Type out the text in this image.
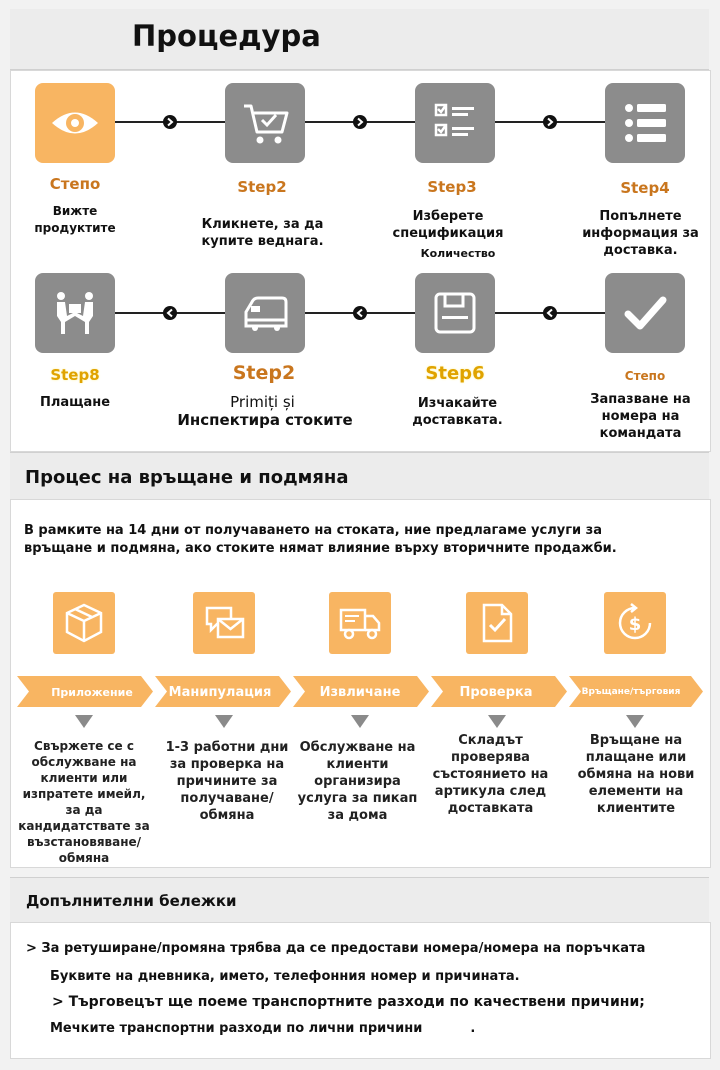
Процедура
Степо
Вижте продуктите
Step2
Кликнете, за да купите веднага.
Step3
Изберете спецификация
Количество
Step4
Попълнете информация за доставка.
Степо
Запазване на номера на командата
Step6
Изчакайте доставката.
Step2
Primiți și
Инспектира стоките
Step8
Плащане
Процес на връщане и подмяна
В рамките на 14 дни от получаването на стоката, ние предлагаме услуги за
връщане и подмяна, ако стоките нямат влияние върху вторичните продажби.
$
Приложение	Манипулация	Извличане	Проверка	Връщане/търговия
Свържете се с обслужване на клиенти или изпратете имейл, за да кандидатствате за възстановяване/ обмяна
1-3 работни дни за проверка на причините за получаване/ обмяна
Обслужване на клиенти организира услуга за пикап за дома
Складът проверява състоянието на артикула след доставката
Връщане на плащане или обмяна на нови елементи на клиентите
Допълнителни бележки
> За ретуширане/промяна трябва да се предостави номера/номера на поръчката
Буквите на дневника, името, телефонния номер и причината.
> Търговецът ще поеме транспортните разходи по качествени причини;
Мечките транспортни разходи по лични причини	.
